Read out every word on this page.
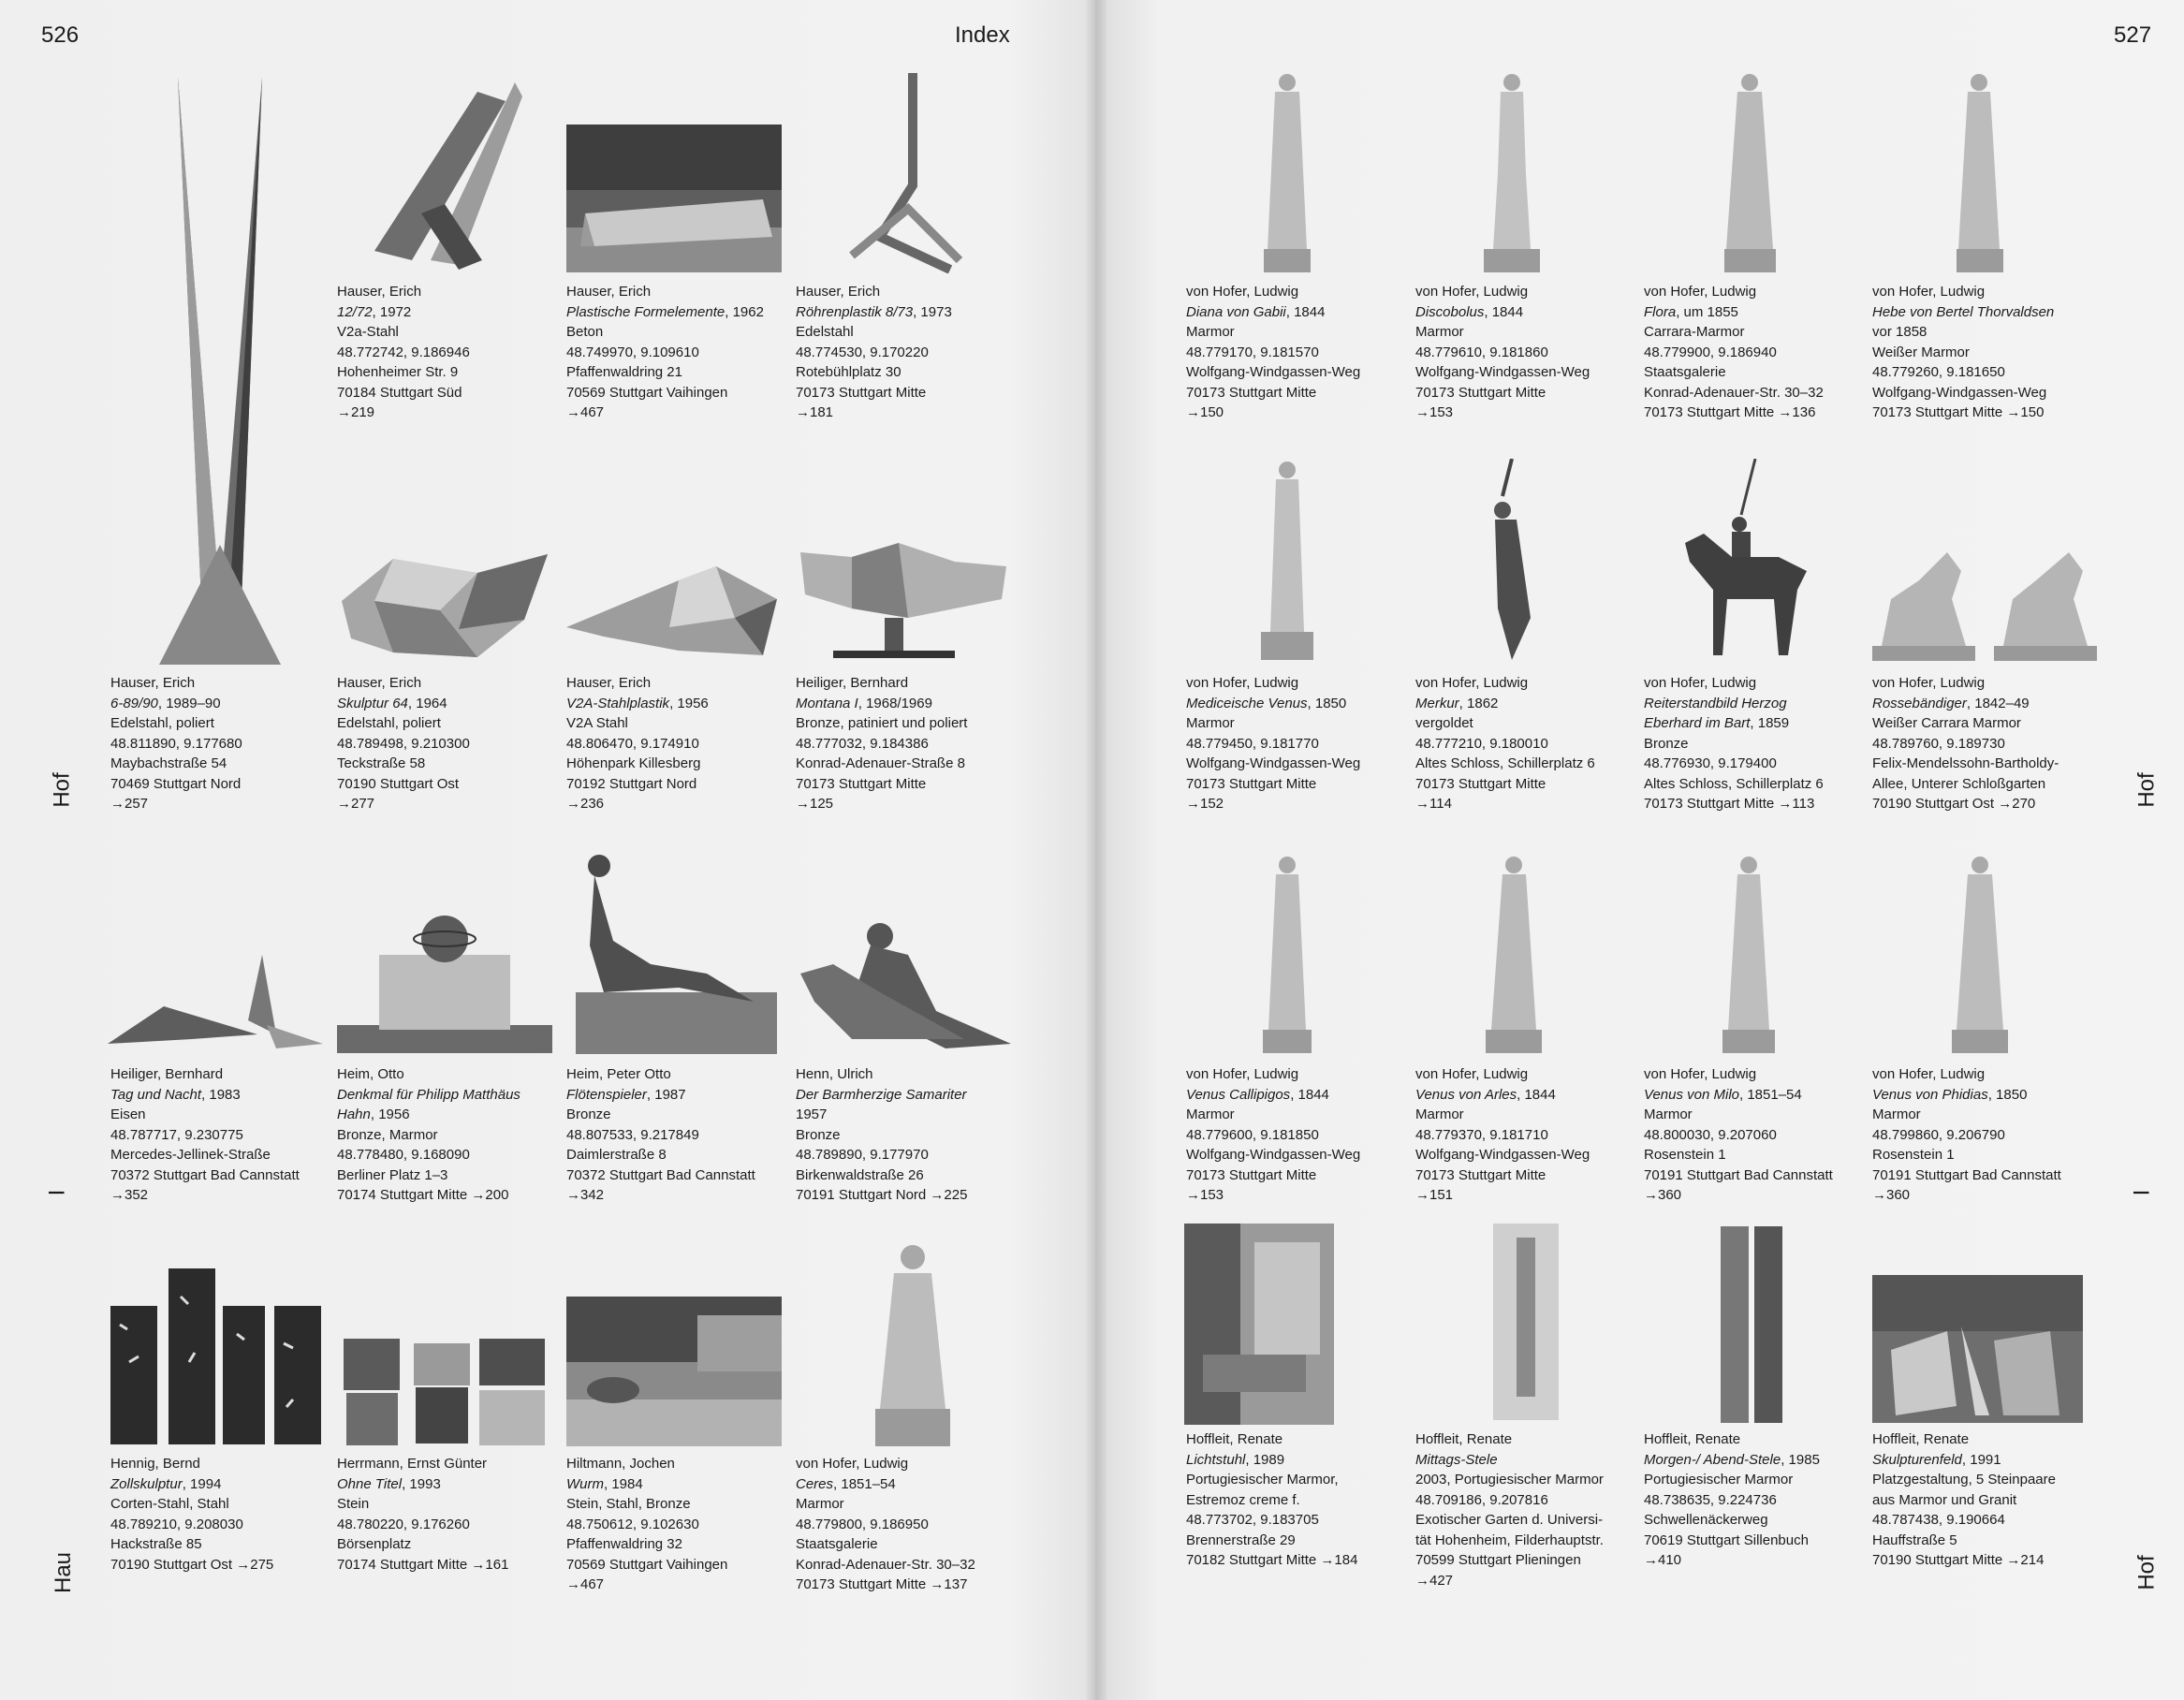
526	Index
Hof
I
Hau
Hauser, Erich
12/72, 1972
V2a-Stahl
48.772742, 9.186946
Hohenheimer Str. 9
70184 Stuttgart Süd
→219
Hauser, Erich
Plastische Formelemente, 1962
Beton
48.749970, 9.109610
Pfaffenwaldring 21
70569 Stuttgart Vaihingen
→467
Hauser, Erich
Röhrenplastik 8/73, 1973
Edelstahl
48.774530, 9.170220
Rotebühlplatz 30
70173 Stuttgart Mitte
→181
Hauser, Erich
6-89/90, 1989–90
Edelstahl, poliert
48.811890, 9.177680
Maybachstraße 54
70469 Stuttgart Nord
→257
Hauser, Erich
Skulptur 64, 1964
Edelstahl, poliert
48.789498, 9.210300
Teckstraße 58
70190 Stuttgart Ost
→277
Hauser, Erich
V2A-Stahlplastik, 1956
V2A Stahl
48.806470, 9.174910
Höhenpark Killesberg
70192 Stuttgart Nord
→236
Heiliger, Bernhard
Montana I, 1968/1969
Bronze, patiniert und poliert
48.777032, 9.184386
Konrad-Adenauer-Straße 8
70173 Stuttgart Mitte
→125
Heiliger, Bernhard
Tag und Nacht, 1983
Eisen
48.787717, 9.230775
Mercedes-Jellinek-Straße
70372 Stuttgart Bad Cannstatt
→352
Heim, Otto
Denkmal für Philipp Matthäus
Hahn, 1956
Bronze, Marmor
48.778480, 9.168090
Berliner Platz 1–3
70174 Stuttgart Mitte →200
Heim, Peter Otto
Flötenspieler, 1987
Bronze
48.807533, 9.217849
Daimlerstraße 8
70372 Stuttgart Bad Cannstatt
→342
Henn, Ulrich
Der Barmherzige Samariter
1957
Bronze
48.789890, 9.177970
Birkenwaldstraße 26
70191 Stuttgart Nord →225
Hennig, Bernd
Zollskulptur, 1994
Corten-Stahl, Stahl
48.789210, 9.208030
Hackstraße 85
70190 Stuttgart Ost →275
Herrmann, Ernst Günter
Ohne Titel, 1993
Stein
48.780220, 9.176260
Börsenplatz
70174 Stuttgart Mitte →161
Hiltmann, Jochen
Wurm, 1984
Stein, Stahl, Bronze
48.750612, 9.102630
Pfaffenwaldring 32
70569 Stuttgart Vaihingen
→467
von Hofer, Ludwig
Ceres, 1851–54
Marmor
48.779800, 9.186950
Staatsgalerie
Konrad-Adenauer-Str. 30–32
70173 Stuttgart Mitte →137
527
Hof
I
Hof
von Hofer, Ludwig
Diana von Gabii, 1844
Marmor
48.779170, 9.181570
Wolfgang-Windgassen-Weg
70173 Stuttgart Mitte
→150
von Hofer, Ludwig
Discobolus, 1844
Marmor
48.779610, 9.181860
Wolfgang-Windgassen-Weg
70173 Stuttgart Mitte
→153
von Hofer, Ludwig
Flora, um 1855
Carrara-Marmor
48.779900, 9.186940
Staatsgalerie
Konrad-Adenauer-Str. 30–32
70173 Stuttgart Mitte →136
von Hofer, Ludwig
Hebe von Bertel Thorvaldsen
vor 1858
Weißer Marmor
48.779260, 9.181650
Wolfgang-Windgassen-Weg
70173 Stuttgart Mitte →150
von Hofer, Ludwig
Mediceische Venus, 1850
Marmor
48.779450, 9.181770
Wolfgang-Windgassen-Weg
70173 Stuttgart Mitte
→152
von Hofer, Ludwig
Merkur, 1862
vergoldet
48.777210, 9.180010
Altes Schloss, Schillerplatz 6
70173 Stuttgart Mitte
→114
von Hofer, Ludwig
Reiterstandbild Herzog
Eberhard im Bart, 1859
Bronze
48.776930, 9.179400
Altes Schloss, Schillerplatz 6
70173 Stuttgart Mitte →113
von Hofer, Ludwig
Rossebändiger, 1842–49
Weißer Carrara Marmor
48.789760, 9.189730
Felix-Mendelssohn-Bartholdy-
Allee, Unterer Schloßgarten
70190 Stuttgart Ost →270
von Hofer, Ludwig
Venus Callipigos, 1844
Marmor
48.779600, 9.181850
Wolfgang-Windgassen-Weg
70173 Stuttgart Mitte
→153
von Hofer, Ludwig
Venus von Arles, 1844
Marmor
48.779370, 9.181710
Wolfgang-Windgassen-Weg
70173 Stuttgart Mitte
→151
von Hofer, Ludwig
Venus von Milo, 1851–54
Marmor
48.800030, 9.207060
Rosenstein 1
70191 Stuttgart Bad Cannstatt
→360
von Hofer, Ludwig
Venus von Phidias, 1850
Marmor
48.799860, 9.206790
Rosenstein 1
70191 Stuttgart Bad Cannstatt
→360
Hoffleit, Renate
Lichtstuhl, 1989
Portugiesischer Marmor,
Estremoz creme f.
48.773702, 9.183705
Brennerstraße 29
70182 Stuttgart Mitte →184
Hoffleit, Renate
Mittags-Stele
2003, Portugiesischer Marmor
48.709186, 9.207816
Exotischer Garten d. Universi-
tät Hohenheim, Filderhauptstr.
70599 Stuttgart Plieningen
→427
Hoffleit, Renate
Morgen-/ Abend-Stele, 1985
Portugiesischer Marmor
48.738635, 9.224736
Schwellenäckerweg
70619 Stuttgart Sillenbuch
→410
Hoffleit, Renate
Skulpturenfeld, 1991
Platzgestaltung, 5 Steinpaare
aus Marmor und Granit
48.787438, 9.190664
Hauffstraße 5
70190 Stuttgart Mitte →214
